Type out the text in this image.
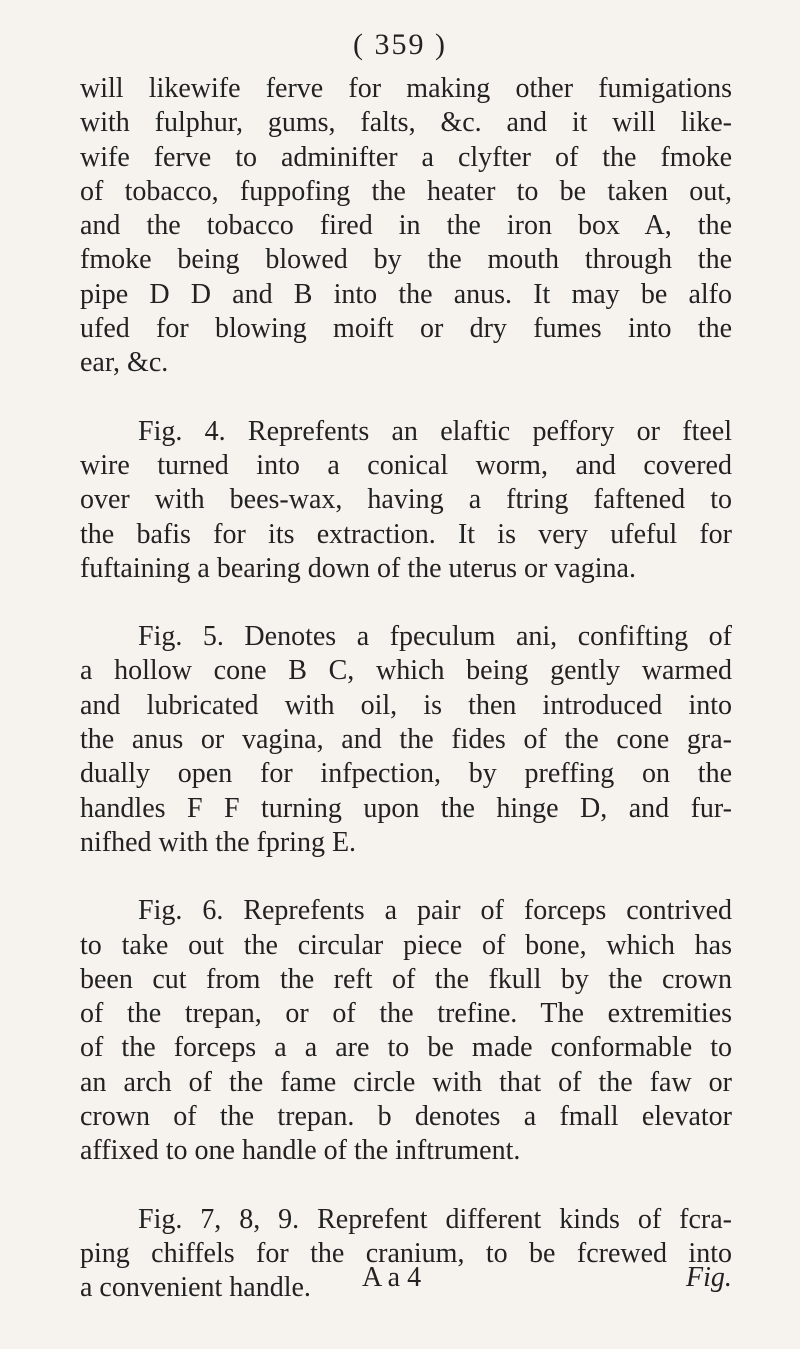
( 359 )
will likewife ferve for making other fumigations
with fulphur, gums, falts, &c. and it will like-
wife ferve to adminifter a clyfter of the fmoke
of tobacco, fuppofing the heater to be taken out,
and the tobacco fired in the iron box A, the
fmoke being blowed by the mouth through the
pipe D D and B into the anus. It may be alfo
ufed for blowing moift or dry fumes into the
ear, &c.
Fig. 4. Reprefents an elaftic peffory or fteel
wire turned into a conical worm, and covered
over with bees-wax, having a ftring faftened to
the bafis for its extraction. It is very ufeful for
fuftaining a bearing down of the uterus or vagina.
Fig. 5. Denotes a fpeculum ani, confifting of
a hollow cone B C, which being gently warmed
and lubricated with oil, is then introduced into
the anus or vagina, and the fides of the cone gra-
dually open for infpection, by preffing on the
handles F F turning upon the hinge D, and fur-
nifhed with the fpring E.
Fig. 6. Reprefents a pair of forceps contrived
to take out the circular piece of bone, which has
been cut from the reft of the fkull by the crown
of the trepan, or of the trefine. The extremities
of the forceps a a are to be made conformable to
an arch of the fame circle with that of the faw or
crown of the trepan. b denotes a fmall elevator
affixed to one handle of the inftrument.
Fig. 7, 8, 9. Reprefent different kinds of fcra-
ping chiffels for the cranium, to be fcrewed into
a convenient handle.	A a 4	Fig.
